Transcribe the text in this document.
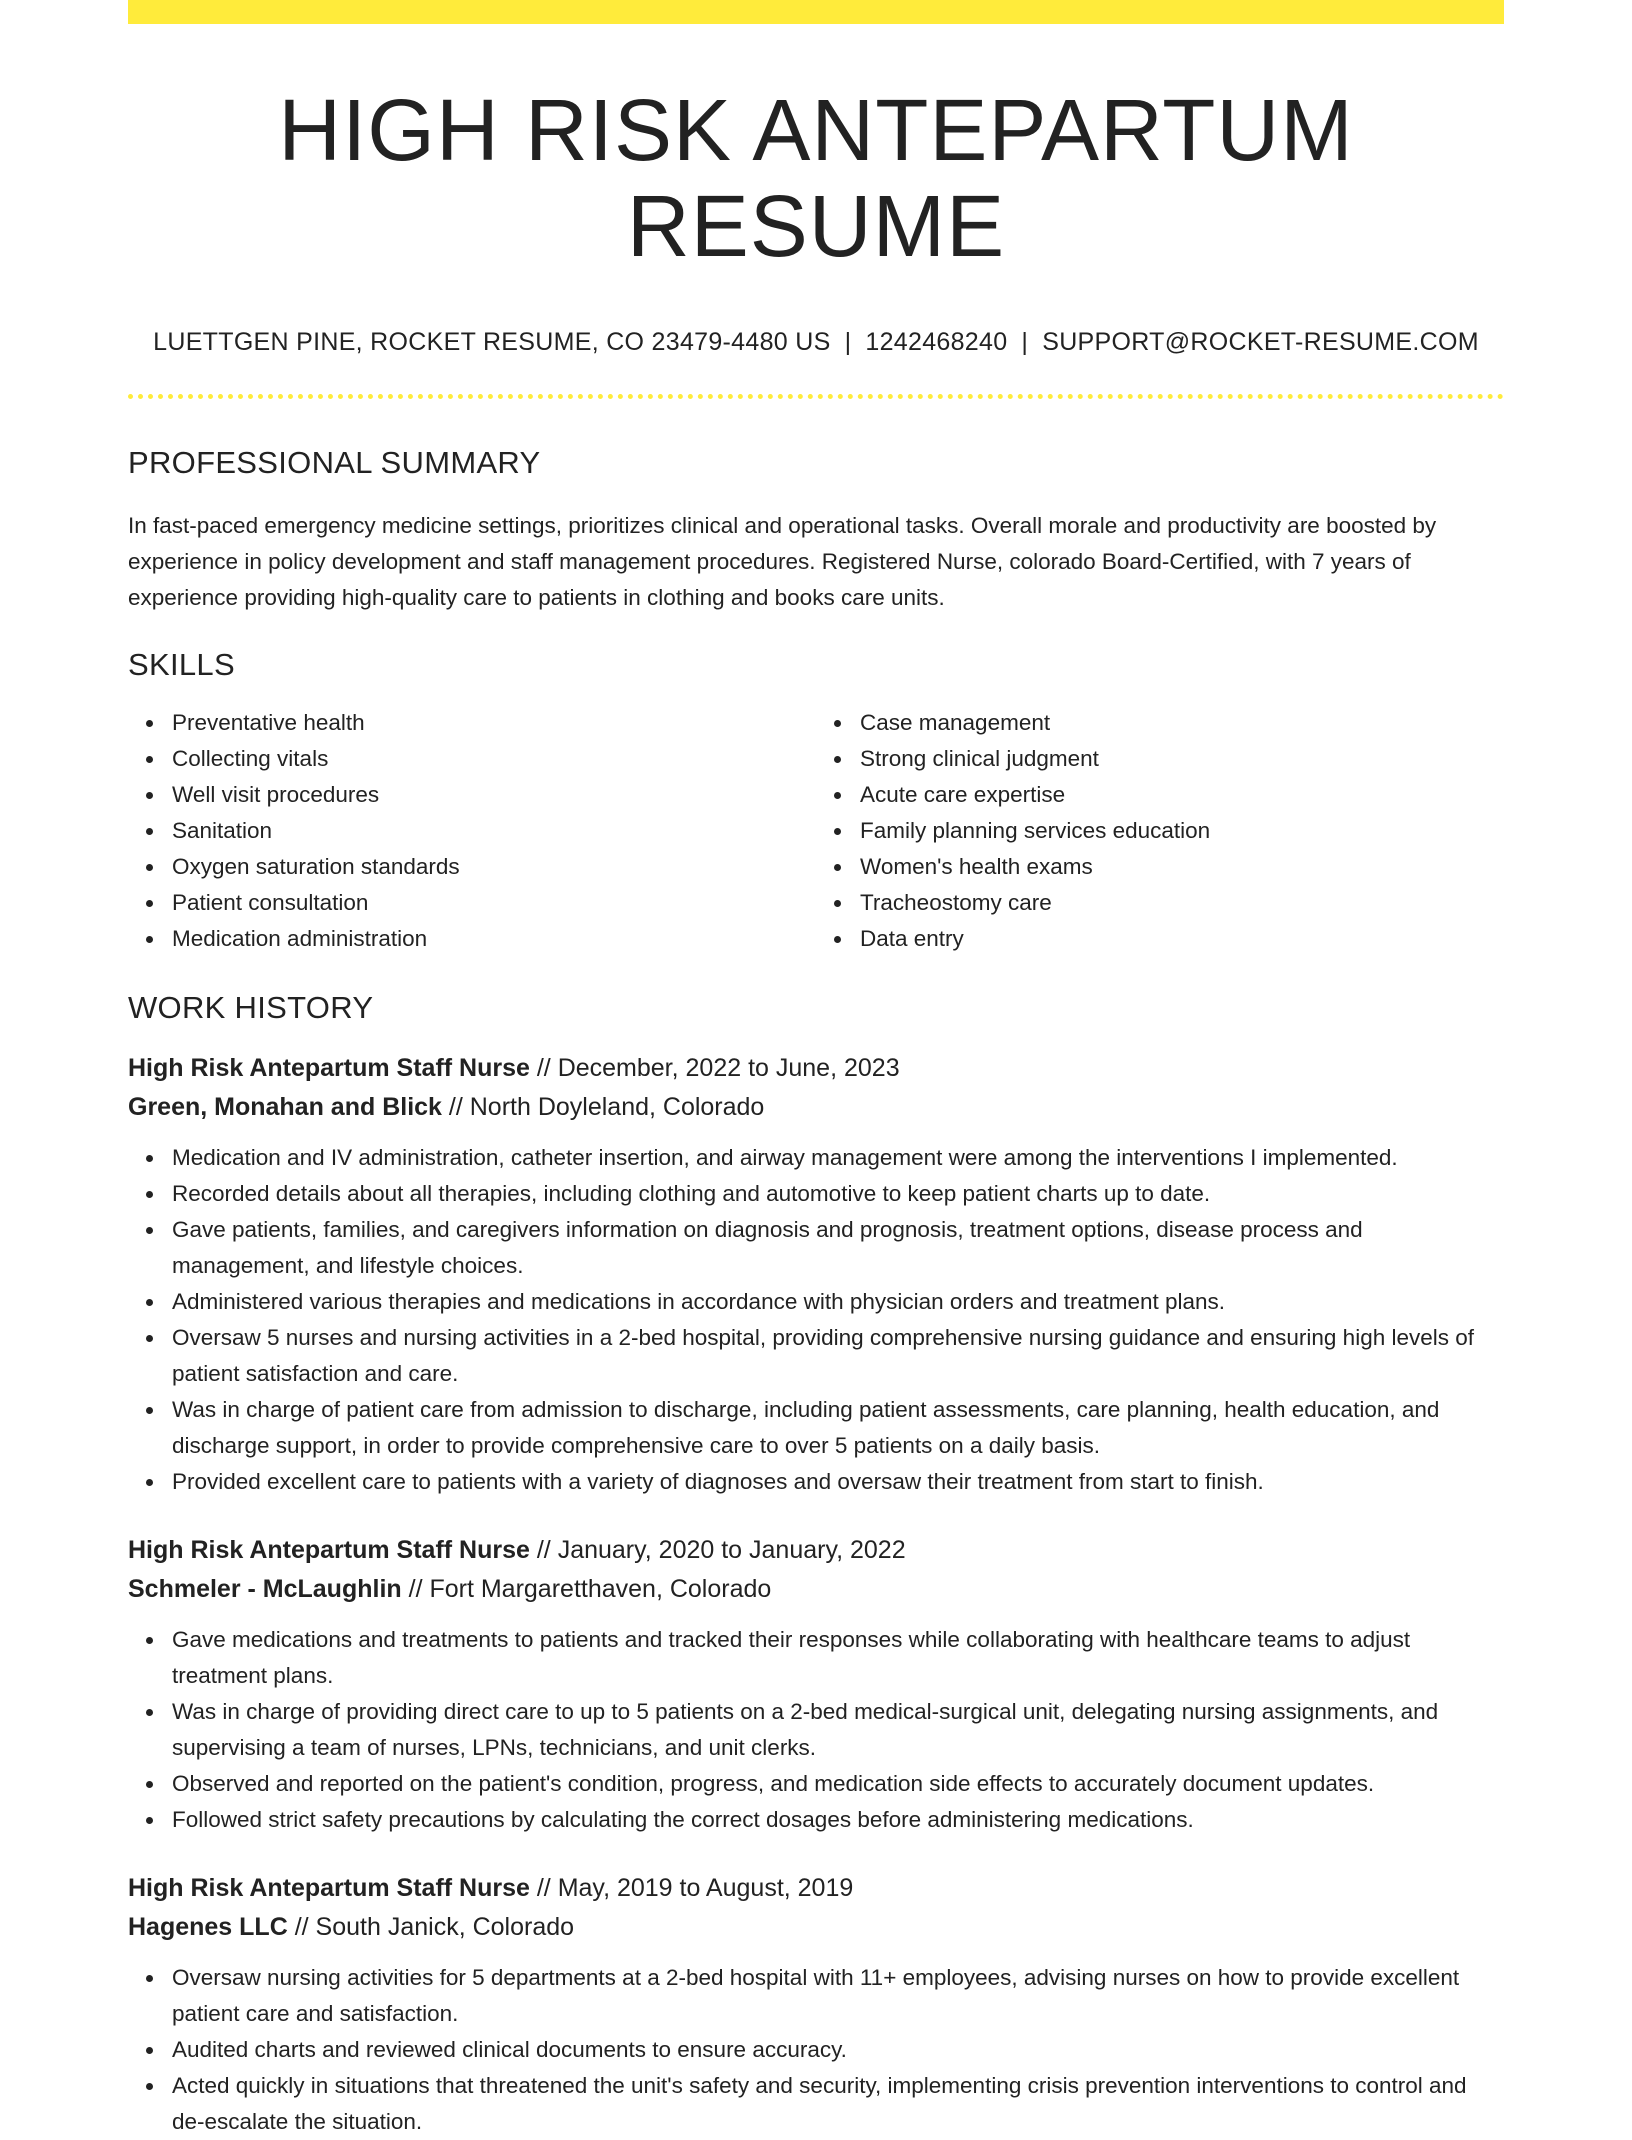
HIGH RISK ANTEPARTUM RESUME
LUETTGEN PINE, ROCKET RESUME, CO 23479-4480 US | 1242468240 | SUPPORT@ROCKET-RESUME.COM
PROFESSIONAL SUMMARY

In fast-paced emergency medicine settings, prioritizes clinical and operational tasks. Overall morale and productivity are boosted by experience in policy development and staff management procedures. Registered Nurse, colorado Board-Certified, with 7 years of experience providing high-quality care to patients in clothing and books care units.

SKILLS
Preventative health
Collecting vitals
Well visit procedures
Sanitation
Oxygen saturation standards
Patient consultation
Medication administration
Case management
Strong clinical judgment
Acute care expertise
Family planning services education
Women's health exams
Tracheostomy care
Data entry
WORK HISTORY
High Risk Antepartum Staff Nurse // December, 2022 to June, 2023
Green, Monahan and Blick // North Doyleland, Colorado
Medication and IV administration, catheter insertion, and airway management were among the interventions I implemented.
Recorded details about all therapies, including clothing and automotive to keep patient charts up to date.
Gave patients, families, and caregivers information on diagnosis and prognosis, treatment options, disease process and management, and lifestyle choices.
Administered various therapies and medications in accordance with physician orders and treatment plans.
Oversaw 5 nurses and nursing activities in a 2-bed hospital, providing comprehensive nursing guidance and ensuring high levels of patient satisfaction and care.
Was in charge of patient care from admission to discharge, including patient assessments, care planning, health education, and discharge support, in order to provide comprehensive care to over 5 patients on a daily basis.
Provided excellent care to patients with a variety of diagnoses and oversaw their treatment from start to finish.
High Risk Antepartum Staff Nurse // January, 2020 to January, 2022
Schmeler - McLaughlin // Fort Margaretthaven, Colorado
Gave medications and treatments to patients and tracked their responses while collaborating with healthcare teams to adjust treatment plans.
Was in charge of providing direct care to up to 5 patients on a 2-bed medical-surgical unit, delegating nursing assignments, and supervising a team of nurses, LPNs, technicians, and unit clerks.
Observed and reported on the patient's condition, progress, and medication side effects to accurately document updates.
Followed strict safety precautions by calculating the correct dosages before administering medications.
High Risk Antepartum Staff Nurse // May, 2019 to August, 2019
Hagenes LLC // South Janick, Colorado
Oversaw nursing activities for 5 departments at a 2-bed hospital with 11+ employees, advising nurses on how to provide excellent patient care and satisfaction.
Audited charts and reviewed clinical documents to ensure accuracy.
Acted quickly in situations that threatened the unit's safety and security, implementing crisis prevention interventions to control and de-escalate the situation.
